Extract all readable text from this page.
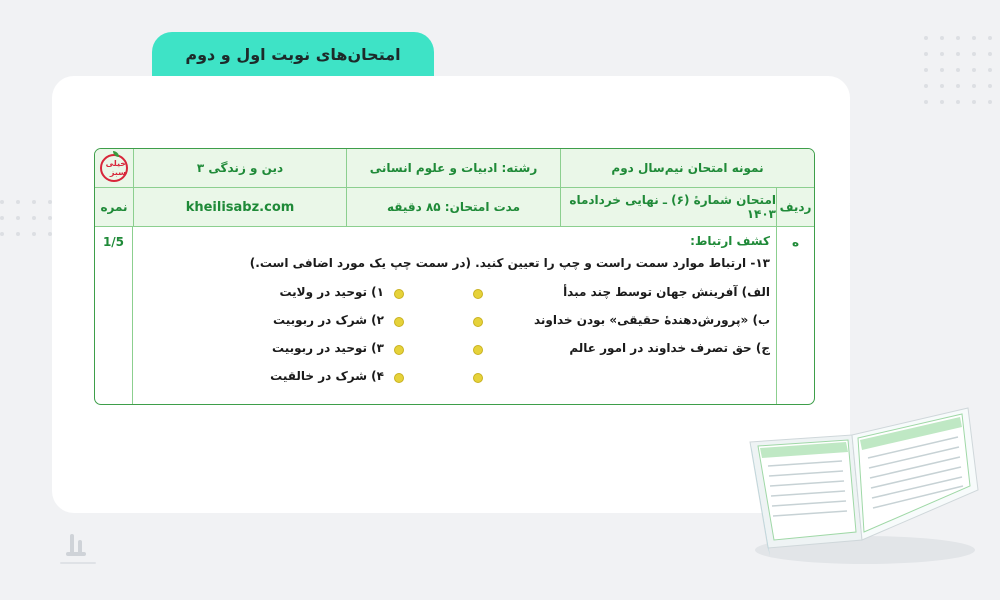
امتحان‌های نوبت اول و دوم
نمونه امتحان نیم‌سال دوم
رشته: ادبیات و علوم انسانی
دین و زندگی ۳
خیلی سبز
ردیف
امتحان شمارهٔ (۶) ـ نهایی خردادماه ۱۴۰۳
مدت امتحان: ۸۵ دقیقه
kheilisabz.com
نمره
ه
کشف ارتباط:
۱۳- ارتباط موارد سمت راست و چپ را تعیین کنید. (در سمت چپ یک مورد اضافی است.)
الف) آفرینش جهان توسط چند مبدأ
ب) «پرورش‌دهندهٔ حقیقی» بودن خداوند
ج) حق تصرف خداوند در امور عالم
۱) توحید در ولایت
۲) شرک در ربوبیت
۳) توحید در ربوبیت
۴) شرک در خالقیت
1/5
